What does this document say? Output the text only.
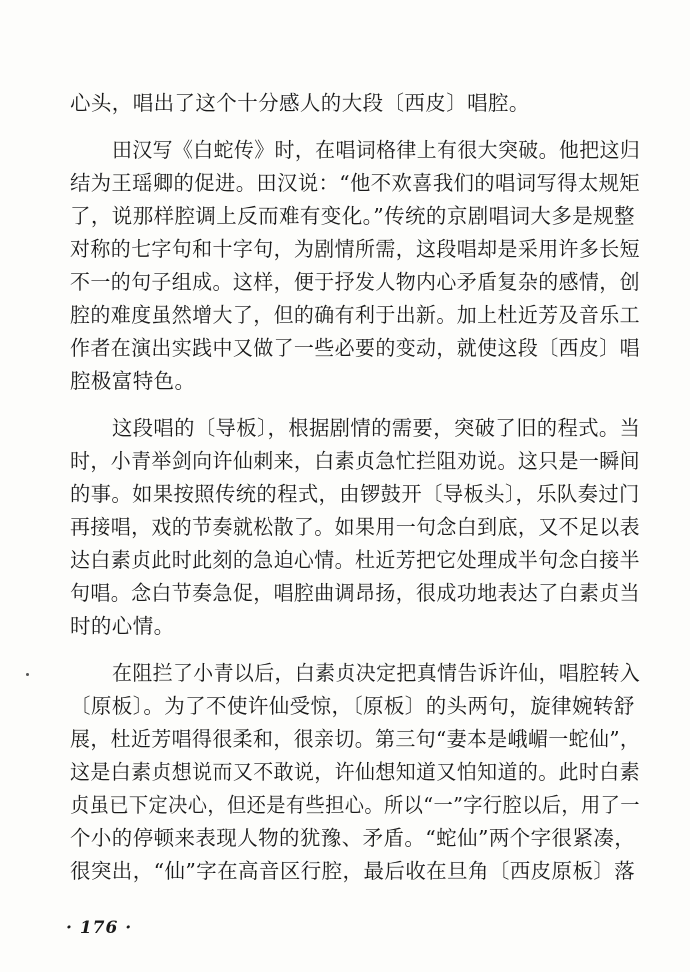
心头，唱出了这个十分感人的大段〔西皮〕唱腔。
田汉写《白蛇传》时，在唱词格律上有很大突破。他把这归
结为王瑶卿的促进。田汉说：“他不欢喜我们的唱词写得太规矩
了，说那样腔调上反而难有变化。”传统的京剧唱词大多是规整
对称的七字句和十字句，为剧情所需，这段唱却是采用许多长短
不一的句子组成。这样，便于抒发人物内心矛盾复杂的感情，创
腔的难度虽然增大了，但的确有利于出新。加上杜近芳及音乐工
作者在演出实践中又做了一些必要的变动，就使这段〔西皮〕唱
腔极富特色。
这段唱的〔导板〕，根据剧情的需要，突破了旧的程式。当
时，小青举剑向许仙刺来，白素贞急忙拦阻劝说。这只是一瞬间
的事。如果按照传统的程式，由锣鼓开〔导板头〕，乐队奏过门
再接唱，戏的节奏就松散了。如果用一句念白到底，又不足以表
达白素贞此时此刻的急迫心情。杜近芳把它处理成半句念白接半
句唱。念白节奏急促，唱腔曲调昂扬，很成功地表达了白素贞当
时的心情。
在阻拦了小青以后，白素贞决定把真情告诉许仙，唱腔转入
〔原板〕。为了不使许仙受惊，〔原板〕的头两句，旋律婉转舒
展，杜近芳唱得很柔和，很亲切。第三句“妻本是峨嵋一蛇仙”，
这是白素贞想说而又不敢说，许仙想知道又怕知道的。此时白素
贞虽已下定决心，但还是有些担心。所以“一”字行腔以后，用了一
个小的停顿来表现人物的犹豫、矛盾。“蛇仙”两个字很紧凑，
很突出，“仙”字在高音区行腔，最后收在旦角〔西皮原板〕落
· 176 ·
